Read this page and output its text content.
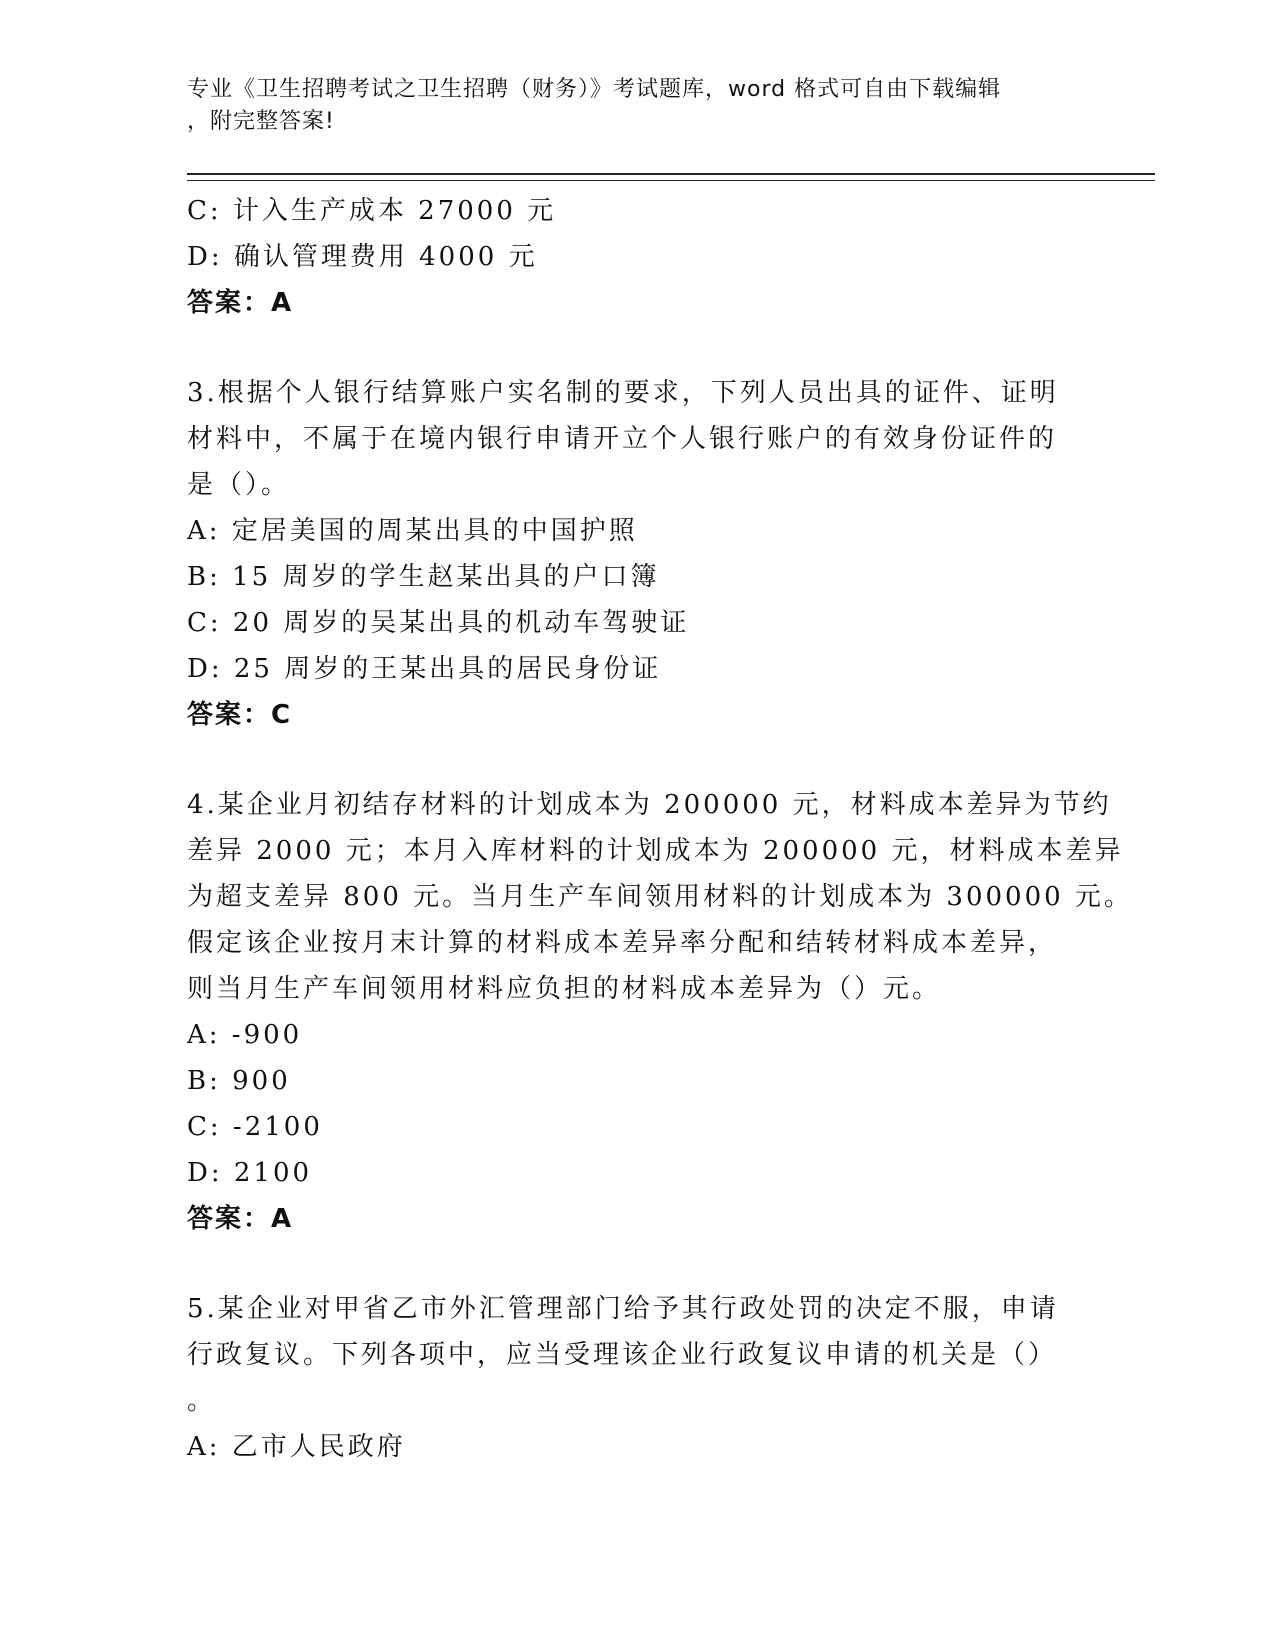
专业《卫生招聘考试之卫生招聘（财务）》考试题库，word 格式可自由下载编辑
，附完整答案!
C: 计入生产成本 27000 元
D: 确认管理费用 4000 元
答案：A
3.根据个人银行结算账户实名制的要求，下列人员出具的证件、证明
材料中，不属于在境内银行申请开立个人银行账户的有效身份证件的
是（）。
A: 定居美国的周某出具的中国护照
B: 15 周岁的学生赵某出具的户口簿
C: 20 周岁的吴某出具的机动车驾驶证
D: 25 周岁的王某出具的居民身份证
答案：C
4.某企业月初结存材料的计划成本为 200000 元，材料成本差异为节约
差异 2000 元；本月入库材料的计划成本为 200000 元，材料成本差异
为超支差异 800 元。当月生产车间领用材料的计划成本为 300000 元。
假定该企业按月末计算的材料成本差异率分配和结转材料成本差异，
则当月生产车间领用材料应负担的材料成本差异为（）元。
A: -900
B: 900
C: -2100
D: 2100
答案：A
5.某企业对甲省乙市外汇管理部门给予其行政处罚的决定不服，申请
行政复议。下列各项中，应当受理该企业行政复议申请的机关是（）
。
A: 乙市人民政府
